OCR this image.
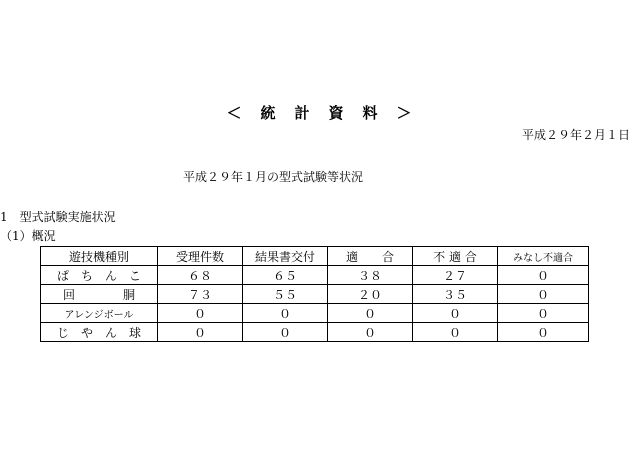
＜　統　計　資　料　＞
平成２９年２月１日
平成２９年１月の型式試験等状況
1　型式試験実施状況
（1）概況
遊技機種別	受理件数	結果書交付	適　　合	不 適 合	みなし不適合
ぱ　ち　ん　こ	６８	６５	３８	２７	０
回　　　　胴	７３	５５	２０	３５	０
アレンジボール	０	０	０	０	０
じ　や　ん　球	０	０	０	０	０
